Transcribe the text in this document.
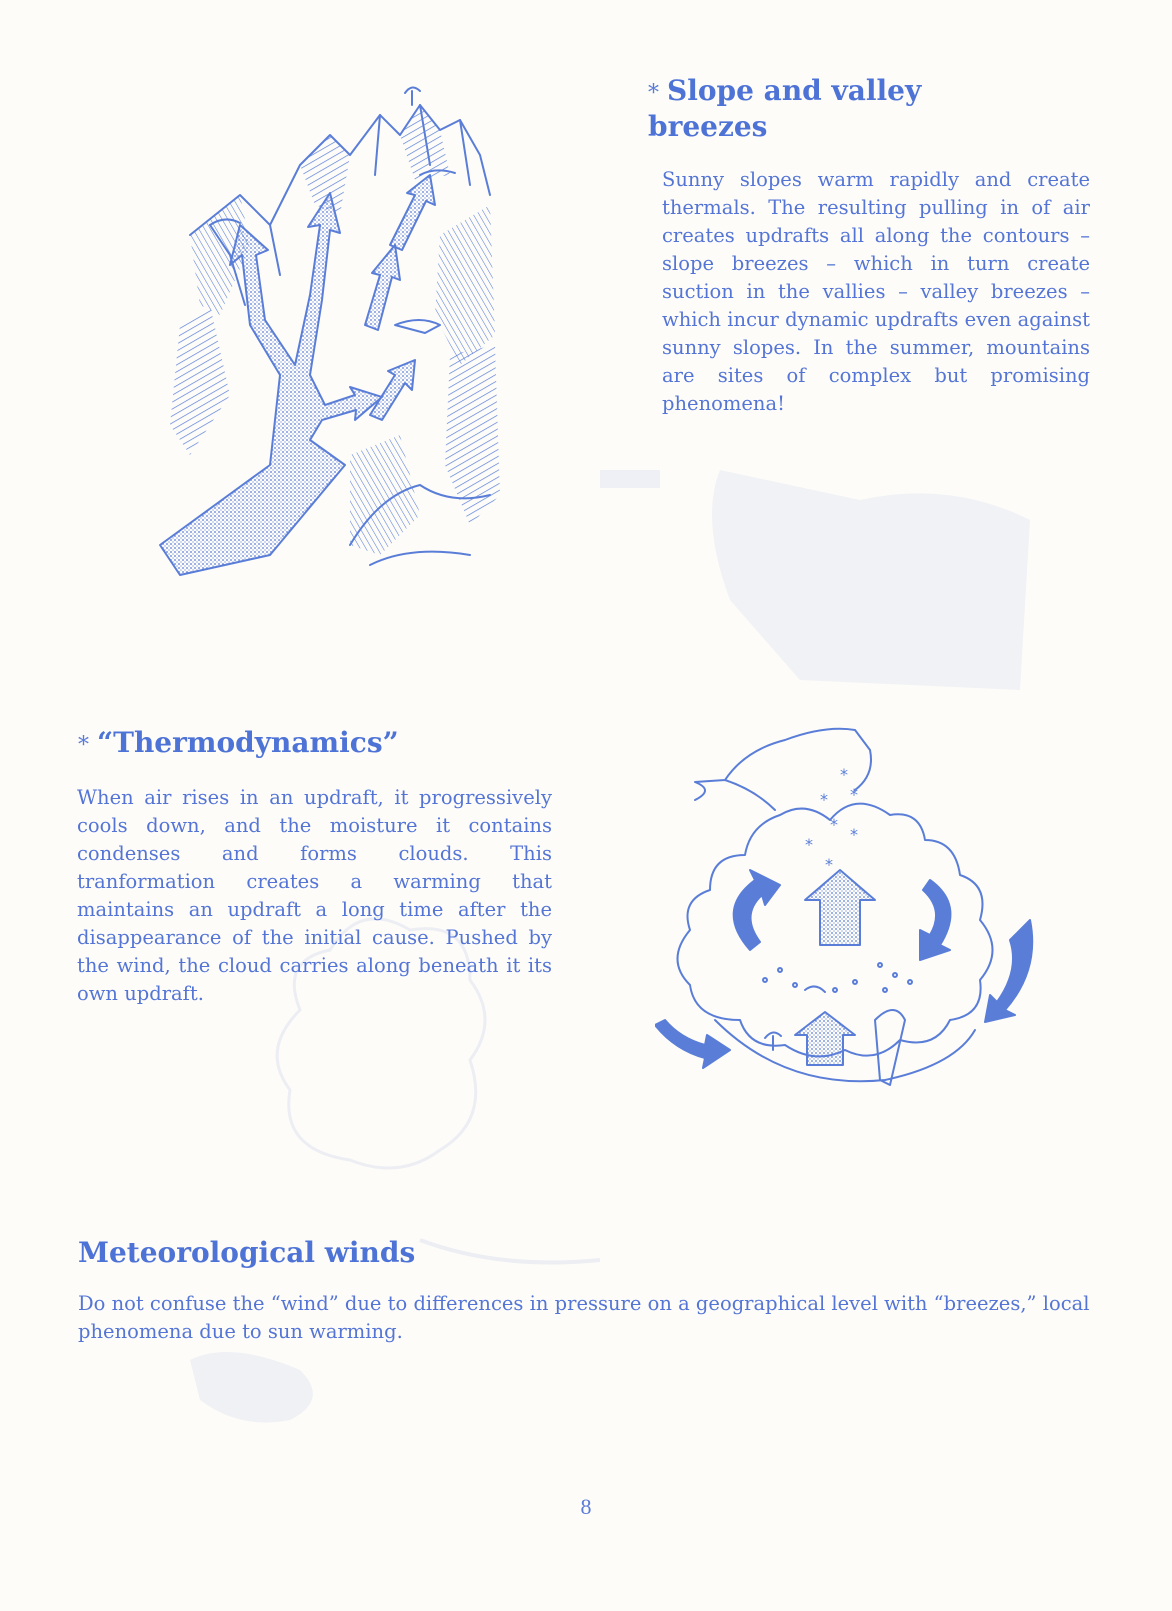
* Slope and valley breezes

Sunny slopes warm rapidly and create thermals. The resulting pulling in of air creates updrafts all along the contours – slope breezes – which in turn create suction in the vallies – valley breezes – which incur dynamic updrafts even against sunny slopes. In the summer, mountains are sites of complex but promising phenomena!

* “Thermodynamics”

When air rises in an updraft, it progressively cools down, and the moisture it contains condenses and forms clouds. This tranformation creates a warming that maintains an updraft a long time after the disappearance of the initial cause. Pushed by the wind, the cloud carries along beneath it its own updraft.

*
*
*
*
*
*
*
Meteorological winds

Do not confuse the “wind” due to differences in pressure on a geographical level with “breezes,” local phenomena due to sun warming.

8
